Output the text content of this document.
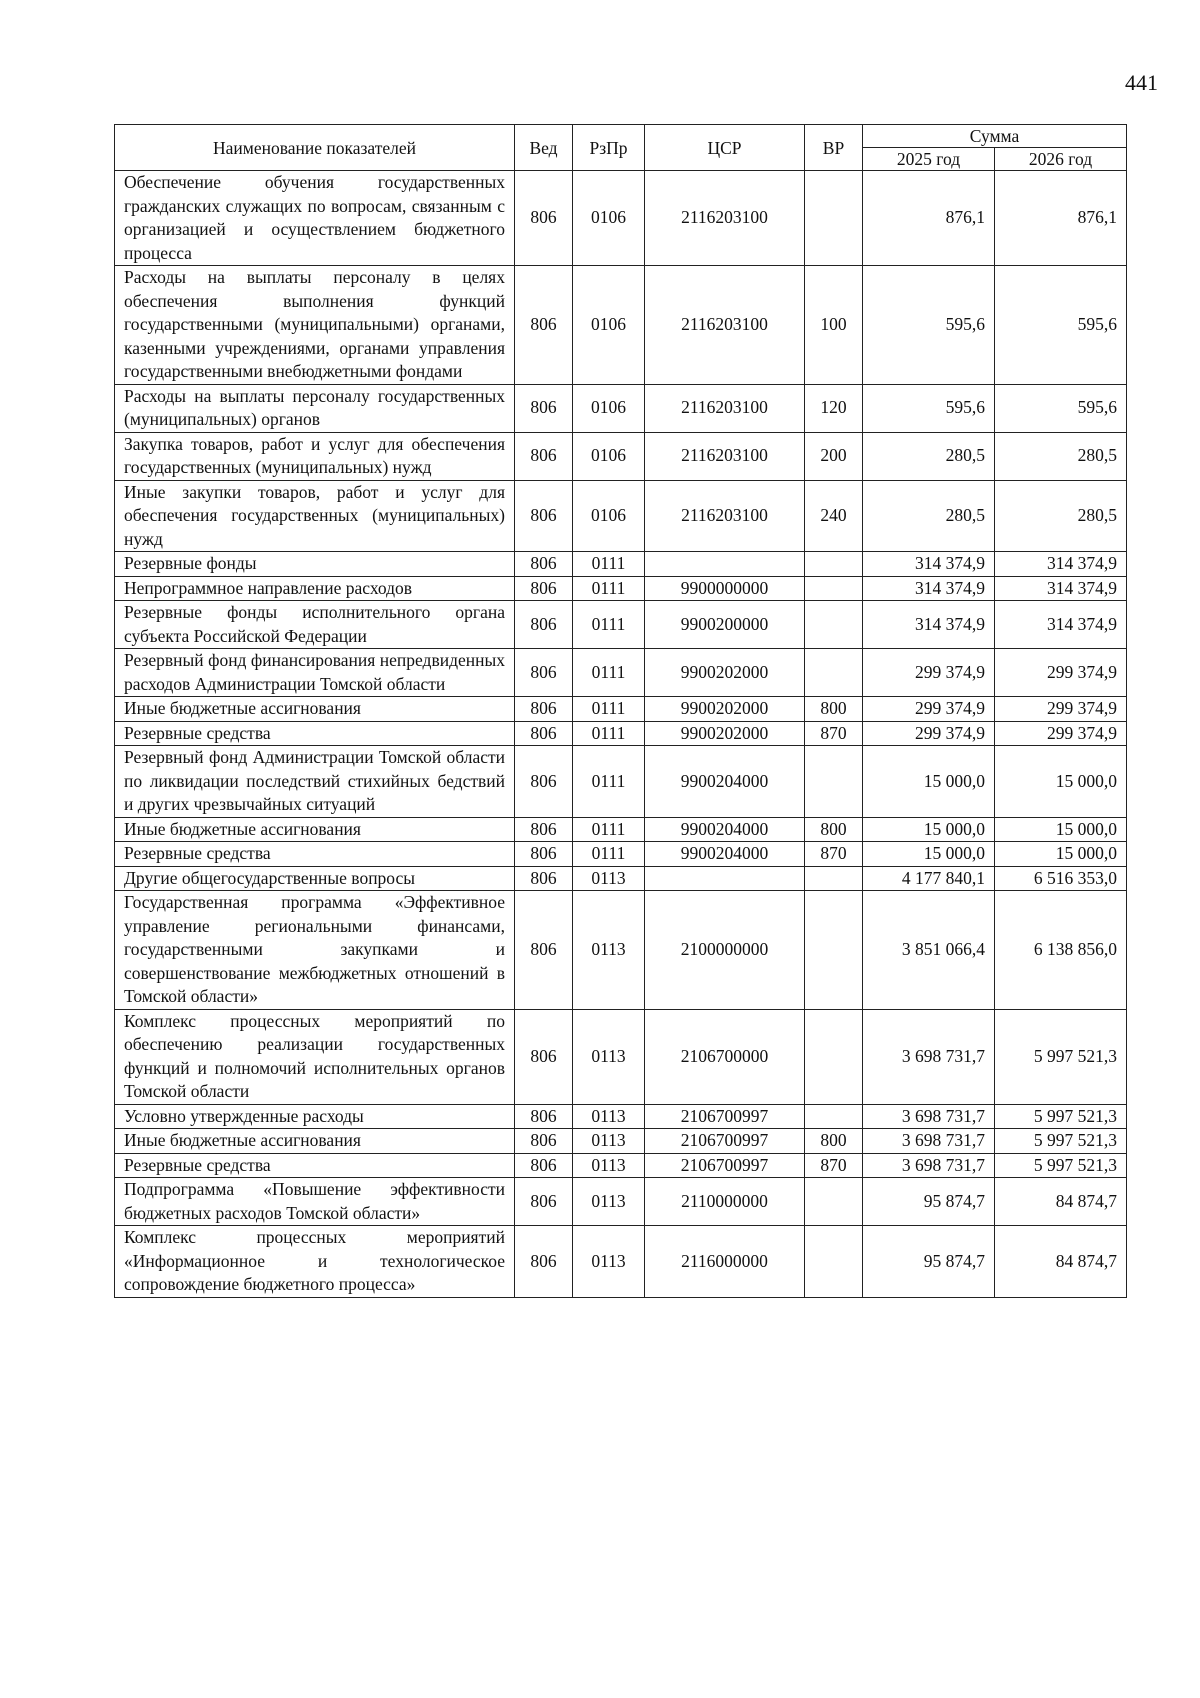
441
Наименование показателей	Вед	РзПр	ЦСР	ВР	Сумма	
					2025 год	2026 год
Обеспечение обучения государственных гражданских служащих по вопросам, связанным с организацией и осуществлением бюджетного процесса	806	0106	2116203100		876,1	876,1
Расходы на выплаты персоналу в целях обеспечения выполнения функций государственными (муниципальными) органами, казенными учреждениями, органами управления государственными внебюджетными фондами	806	0106	2116203100	100	595,6	595,6
Расходы на выплаты персоналу государственных (муниципальных) органов	806	0106	2116203100	120	595,6	595,6
Закупка товаров, работ и услуг для обеспечения государственных (муниципальных) нужд	806	0106	2116203100	200	280,5	280,5
Иные закупки товаров, работ и услуг для обеспечения государственных (муниципальных) нужд	806	0106	2116203100	240	280,5	280,5
Резервные фонды	806	0111			314 374,9	314 374,9
Непрограммное направление расходов	806	0111	9900000000		314 374,9	314 374,9
Резервные фонды исполнительного органа субъекта Российской Федерации	806	0111	9900200000		314 374,9	314 374,9
Резервный фонд финансирования непредвиденных расходов Администрации Томской области	806	0111	9900202000		299 374,9	299 374,9
Иные бюджетные ассигнования	806	0111	9900202000	800	299 374,9	299 374,9
Резервные средства	806	0111	9900202000	870	299 374,9	299 374,9
Резервный фонд Администрации Томской области по ликвидации последствий стихийных бедствий и других чрезвычайных ситуаций	806	0111	9900204000		15 000,0	15 000,0
Иные бюджетные ассигнования	806	0111	9900204000	800	15 000,0	15 000,0
Резервные средства	806	0111	9900204000	870	15 000,0	15 000,0
Другие общегосударственные вопросы	806	0113			4 177 840,1	6 516 353,0
Государственная программа «Эффективное управление региональными финансами, государственными закупками и совершенствование межбюджетных отношений в Томской области»	806	0113	2100000000		3 851 066,4	6 138 856,0
Комплекс процессных мероприятий по обеспечению реализации государственных функций и полномочий исполнительных органов Томской области	806	0113	2106700000		3 698 731,7	5 997 521,3
Условно утвержденные расходы	806	0113	2106700997		3 698 731,7	5 997 521,3
Иные бюджетные ассигнования	806	0113	2106700997	800	3 698 731,7	5 997 521,3
Резервные средства	806	0113	2106700997	870	3 698 731,7	5 997 521,3
Подпрограмма «Повышение эффективности бюджетных расходов Томской области»	806	0113	2110000000		95 874,7	84 874,7
Комплекс процессных мероприятий «Информационное и технологическое сопровождение бюджетного процесса»	806	0113	2116000000		95 874,7	84 874,7
